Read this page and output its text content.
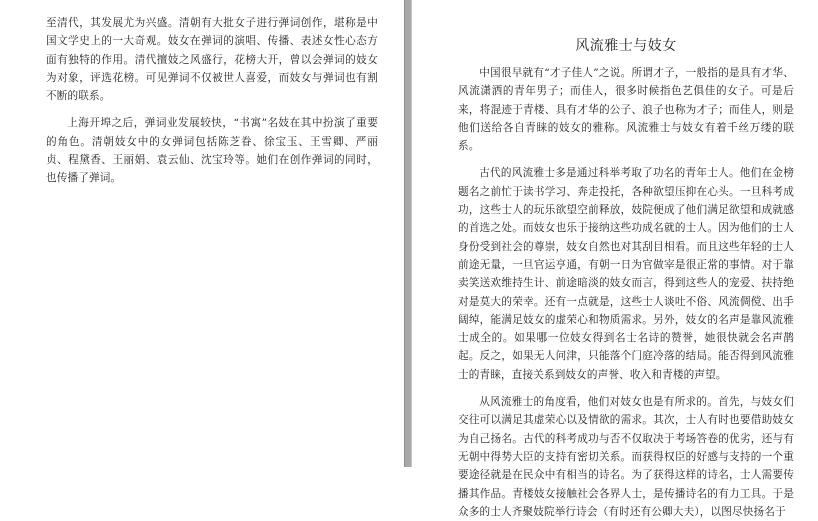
至清代，其发展尤为兴盛。清朝有大批女子进行弹词创作，堪称是中国文学史上的一大奇观。妓女在弹词的演唱、传播、表述女性心态方面有独特的作用。清代擅妓之风盛行，花榜大开，曾以会弹词的妓女为对象，评选花榜。可见弹词不仅被世人喜爱，而妓女与弹词也有割不断的联系。

上海开埠之后，弹词业发展较快，“书寓”名妓在其中扮演了重要的角色。清朝妓女中的女弹词包括陈芝眷、徐宝玉、王雪卿、严丽贞、程黛香、王丽娟、袁云仙、沈宝玲等。她们在创作弹词的同时，也传播了弹词。

风流雅士与妓女

中国很早就有“才子佳人”之说。所谓才子，一般指的是具有才华、风流潇洒的青年男子；而佳人，很多时候指色艺俱佳的女子。可是后来，将混迹于青楼、具有才华的公子、浪子也称为才子；而佳人，则是他们送给各自青睐的妓女的雅称。风流雅士与妓女有着千丝万缕的联系。

古代的风流雅士多是通过科举考取了功名的青年士人。他们在金榜题名之前忙于读书学习、奔走投托，各种欲望压抑在心头。一旦科考成功，这些士人的玩乐欲望空前释放，妓院便成了他们满足欲望和成就感的首选之处。而妓女也乐于接纳这些功成名就的士人。因为他们的士人身份受到社会的尊崇，妓女自然也对其刮目相看。而且这些年轻的士人前途无量，一旦官运亨通，有朝一日为官做宰是很正常的事情。对于靠卖笑送欢维持生计、前途暗淡的妓女而言，得到这些人的宠爱、扶持绝对是莫大的荣幸。还有一点就是，这些士人谈吐不俗、风流倜傥、出手阔绰，能满足妓女的虚荣心和物质需求。另外，妓女的名声是靠风流雅士成全的。如果哪一位妓女得到名士名诗的赞誉，她很快就会名声鹊起。反之，如果无人问津，只能落个门庭冷落的结局。能否得到风流雅士的青睐，直接关系到妓女的声誉、收入和青楼的声望。

从风流雅士的角度看，他们对妓女也是有所求的。首先，与妓女们交往可以满足其虚荣心以及情欲的需求。其次，士人有时也要借助妓女为自己扬名。古代的科考成功与否不仅取决于考场答卷的优劣，还与有无朝中得势大臣的支持有密切关系。而获得权臣的好感与支持的一个重要途径就是在民众中有相当的诗名。为了获得这样的诗名，士人需要传播其作品。青楼妓女接触社会各界人士，是传播诗名的有力工具。于是众多的士人齐聚妓院举行诗会（有时还有公卿大夫），以图尽快扬名于
